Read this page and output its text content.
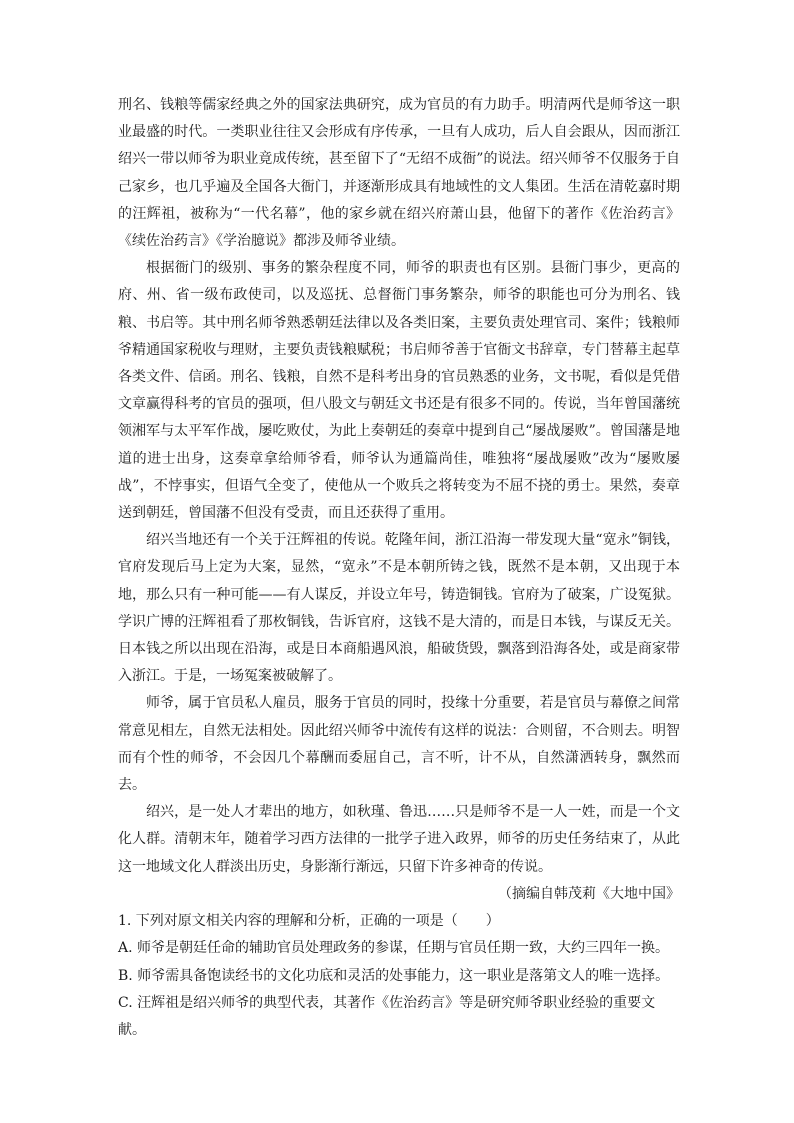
刑名、钱粮等儒家经典之外的国家法典研究，成为官员的有力助手。明清两代是师爷这一职业最盛的时代。一类职业往往又会形成有序传承，一旦有人成功，后人自会跟从，因而浙江绍兴一带以师爷为职业竟成传统，甚至留下了“无绍不成衙”的说法。绍兴师爷不仅服务于自己家乡，也几乎遍及全国各大衙门，并逐渐形成具有地域性的文人集团。生活在清乾嘉时期的汪辉祖，被称为“一代名幕”，他的家乡就在绍兴府萧山县，他留下的著作《佐治药言》《续佐治药言》《学治臆说》都涉及师爷业绩。

根据衙门的级别、事务的繁杂程度不同，师爷的职责也有区别。县衙门事少，更高的府、州、省一级布政使司，以及巡抚、总督衙门事务繁杂，师爷的职能也可分为刑名、钱粮、书启等。其中刑名师爷熟悉朝廷法律以及各类旧案，主要负责处理官司、案件；钱粮师爷精通国家税收与理财，主要负责钱粮赋税；书启师爷善于官衙文书辞章，专门替幕主起草各类文件、信函。刑名、钱粮，自然不是科考出身的官员熟悉的业务，文书呢，看似是凭借文章赢得科考的官员的强项，但八股文与朝廷文书还是有很多不同的。传说，当年曾国藩统领湘军与太平军作战，屡吃败仗，为此上奏朝廷的奏章中提到自己“屡战屡败”。曾国藩是地道的进士出身，这奏章拿给师爷看，师爷认为通篇尚佳，唯独将“屡战屡败”改为“屡败屡战”，不悖事实，但语气全变了，使他从一个败兵之将转变为不屈不挠的勇士。果然，奏章送到朝廷，曾国藩不但没有受责，而且还获得了重用。

绍兴当地还有一个关于汪辉祖的传说。乾隆年间，浙江沿海一带发现大量“宽永”铜钱，官府发现后马上定为大案，显然，“宽永”不是本朝所铸之钱，既然不是本朝，又出现于本地，那么只有一种可能——有人谋反，并设立年号，铸造铜钱。官府为了破案，广设冤狱。学识广博的汪辉祖看了那枚铜钱，告诉官府，这钱不是大清的，而是日本钱，与谋反无关。日本钱之所以出现在沿海，或是日本商船遇风浪，船破货毁，飘落到沿海各处，或是商家带入浙江。于是，一场冤案被破解了。

师爷，属于官员私人雇员，服务于官员的同时，投缘十分重要，若是官员与幕僚之间常常意见相左，自然无法相处。因此绍兴师爷中流传有这样的说法：合则留，不合则去。明智而有个性的师爷，不会因几个幕酬而委屈自己，言不听，计不从，自然潇洒转身，飘然而去。

绍兴，是一处人才辈出的地方，如秋瑾、鲁迅……只是师爷不是一人一姓，而是一个文化人群。清朝末年，随着学习西方法律的一批学子进入政界，师爷的历史任务结束了，从此这一地域文化人群淡出历史，身影渐行渐远，只留下许多神奇的传说。

（摘编自韩茂莉《大地中国》

1. 下列对原文相关内容的理解和分析，正确的一项是（　　）

A. 师爷是朝廷任命的辅助官员处理政务的参谋，任期与官员任期一致，大约三四年一换。

B. 师爷需具备饱读经书的文化功底和灵活的处事能力，这一职业是落第文人的唯一选择。

C. 汪辉祖是绍兴师爷的典型代表，其著作《佐治药言》等是研究师爷职业经验的重要文献。
